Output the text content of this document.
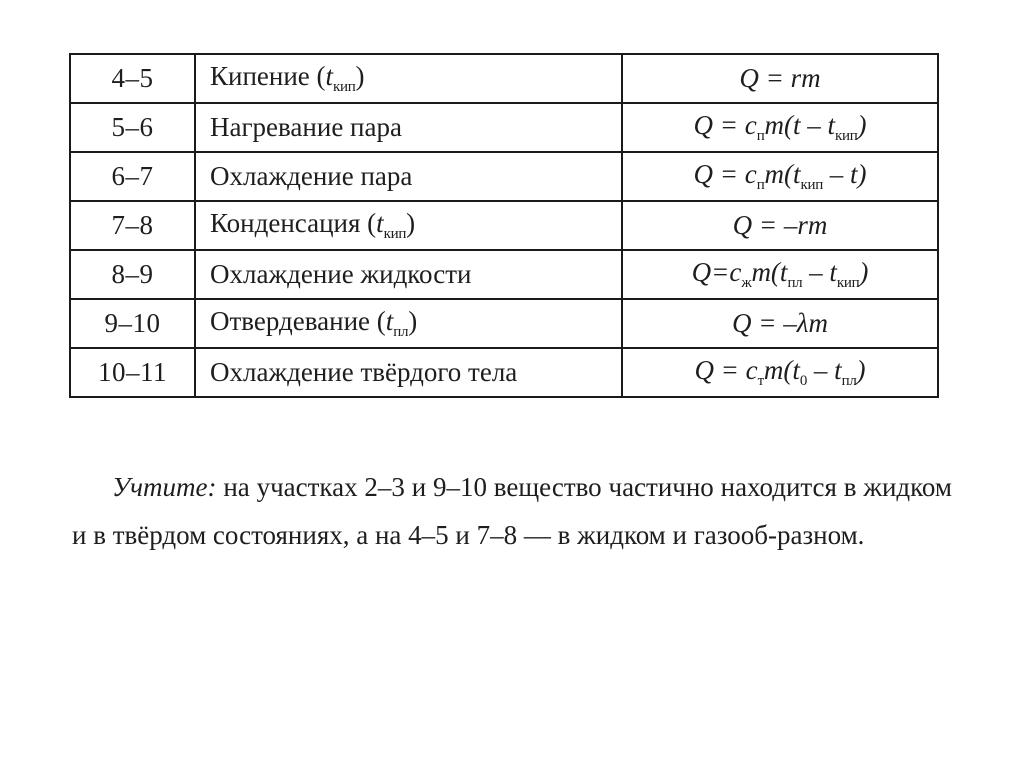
4–5	Кипение $(t_{кип})$	Q = rm
5–6	Нагревание пара	$Q = c_пm(t - t_{кип})$
6–7	Охлаждение пара	$Q = c_пm(t_{кип} - t)$
7–8	Конденсация $(t_{кип})$	Q = –rm
8–9	Охлаждение жидкости	$Q=c_жm(t_{пл} - t_{кип})$
9–10	Отвердевание $(t_{пл})$	Q = –λm
10–11	Охлаждение твёрдого тела	$Q = c_тm(t_0 - t_{пл})$

Учтите: на участках 2–3 и 9–10 вещество частично находится в жидком и в твёрдом состояниях, а на 4–5 и 7–8 — в жидком и газооб-разном.
